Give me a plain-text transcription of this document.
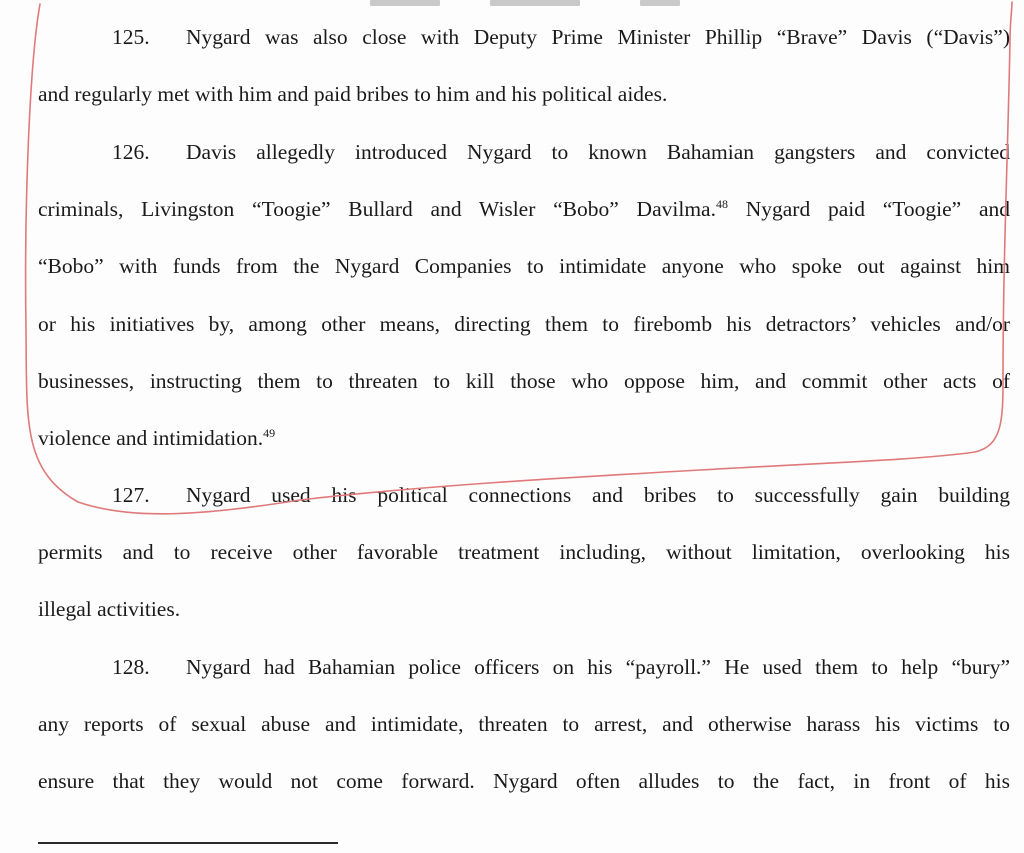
125. Nygard was also close with Deputy Prime Minister Phillip “Brave” Davis (“Davis”)
and regularly met with him and paid bribes to him and his political aides.
126. Davis allegedly introduced Nygard to known Bahamian gangsters and convicted
criminals, Livingston “Toogie” Bullard and Wisler “Bobo” Davilma.$^{48}$ Nygard paid “Toogie” and
“Bobo” with funds from the Nygard Companies to intimidate anyone who spoke out against him
or his initiatives by, among other means, directing them to firebomb his detractors’ vehicles and/or
businesses, instructing them to threaten to kill those who oppose him, and commit other acts of
violence and intimidation.$^{49}$
127. Nygard used his political connections and bribes to successfully gain building
permits and to receive other favorable treatment including, without limitation, overlooking his
illegal activities.
128. Nygard had Bahamian police officers on his “payroll.” He used them to help “bury”
any reports of sexual abuse and intimidate, threaten to arrest, and otherwise harass his victims to
ensure that they would not come forward. Nygard often alludes to the fact, in front of his
